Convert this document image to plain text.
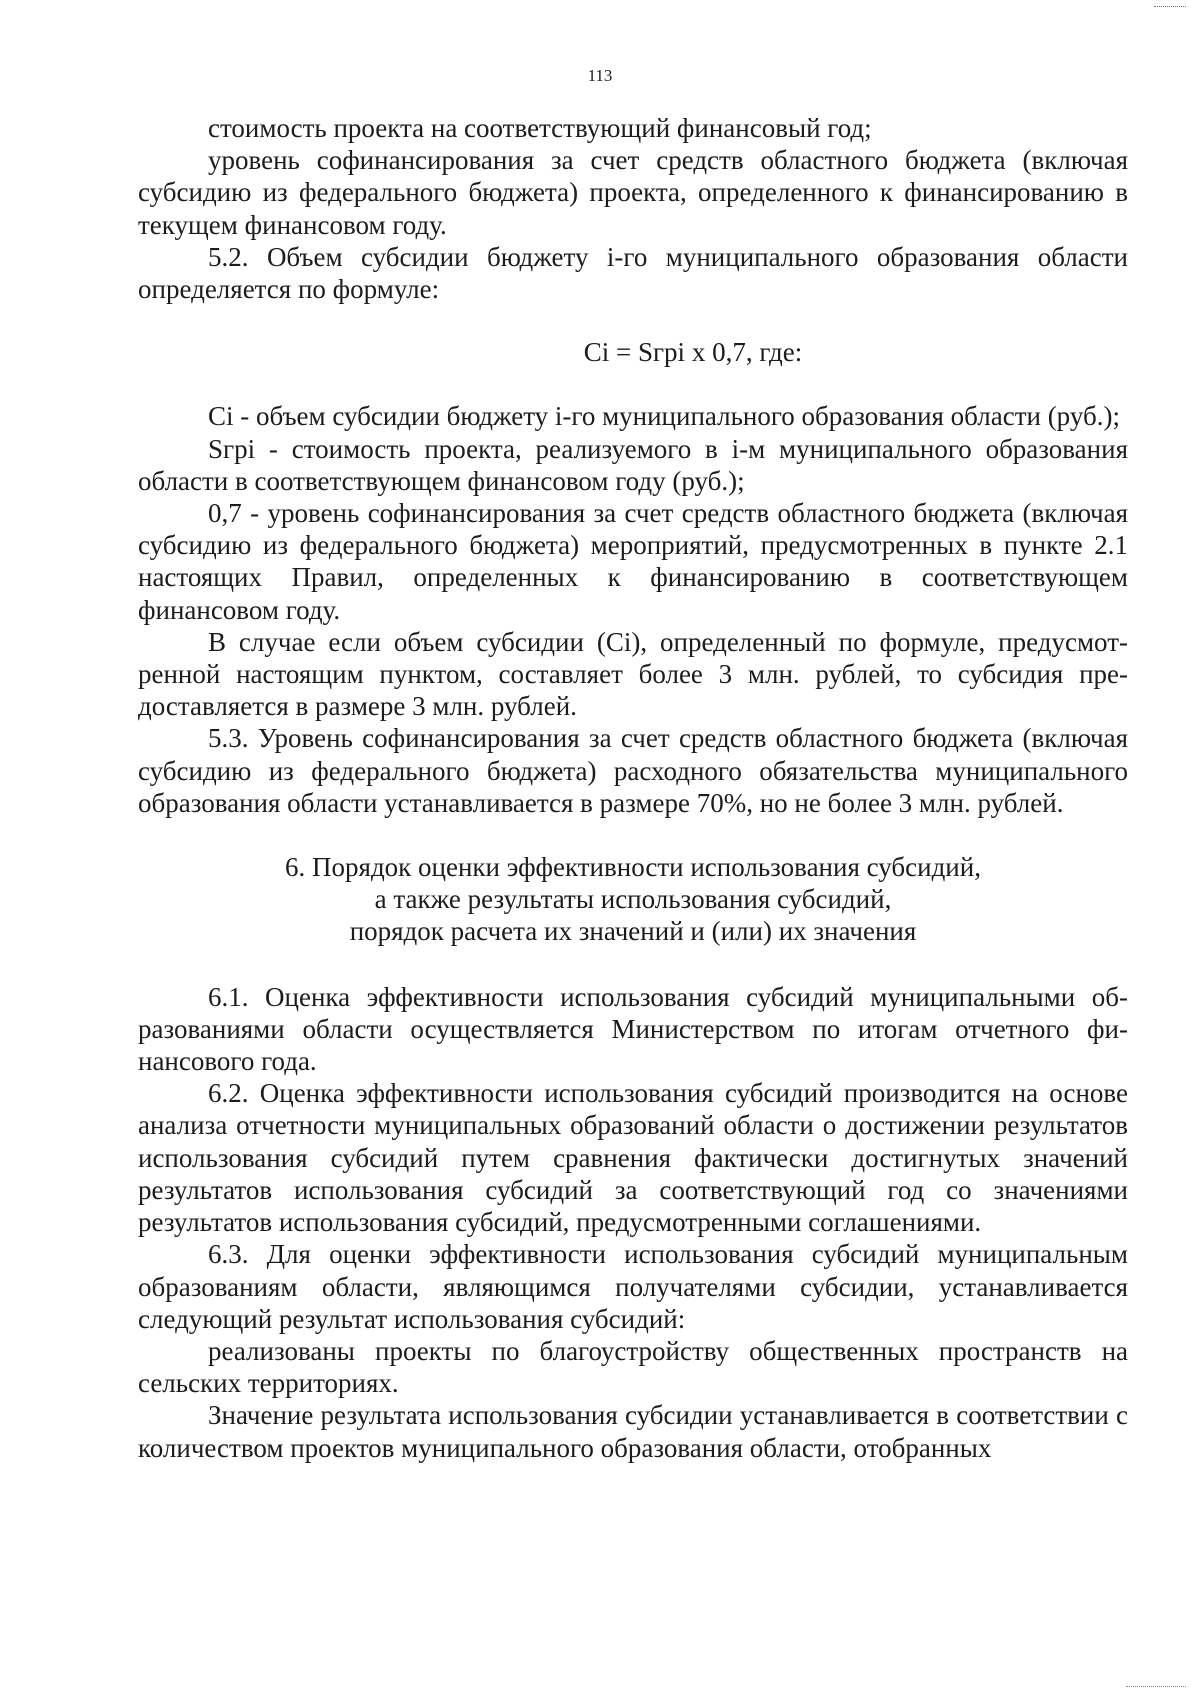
113

стоимость проекта на соответствующий финансовый год;

уровень софинансирования за счет средств областного бюджета (включая субсидию из федерального бюджета) проекта, определенного к финансированию в текущем финансовом году.

5.2. Объем субсидии бюджету i-го муниципального образования области определяется по формуле:

Ci = Sгpi x 0,7, где:

Ci - объем субсидии бюджету i-го муниципального образования области (руб.);

Sгpi - стоимость проекта, реализуемого в i-м муниципального образования области в соответствующем финансовом году (руб.);

0,7 - уровень софинансирования за счет средств областного бюджета (включая субсидию из федерального бюджета) мероприятий, предусмотренных в пункте 2.1 настоящих Правил, определенных к финансированию в соответствующем финансовом году.

В случае если объем субсидии (Ci), определенный по формуле, предусмотренной настоящим пунктом, составляет более 3 млн. рублей, то субсидия предоставляется в размере 3 млн. рублей.

5.3. Уровень софинансирования за счет средств областного бюджета (включая субсидию из федерального бюджета) расходного обязательства муниципального образования области устанавливается в размере 70%, но не более 3 млн. рублей.

6. Порядок оценки эффективности использования субсидий,
а также результаты использования субсидий,
порядок расчета их значений и (или) их значения

6.1. Оценка эффективности использования субсидий муниципальными образованиями области осуществляется Министерством по итогам отчетного финансового года.

6.2. Оценка эффективности использования субсидий производится на основе анализа отчетности муниципальных образований области о достижении результатов использования субсидий путем сравнения фактически достигнутых значений результатов использования субсидий за соответствующий год со значениями результатов использования субсидий, предусмотренными соглашениями.

6.3. Для оценки эффективности использования субсидий муниципальным образованиям области, являющимся получателями субсидии, устанавливается следующий результат использования субсидий:

реализованы проекты по благоустройству общественных пространств на сельских территориях.

Значение результата использования субсидии устанавливается в соответствии с количеством проектов муниципального образования области, отобранных
